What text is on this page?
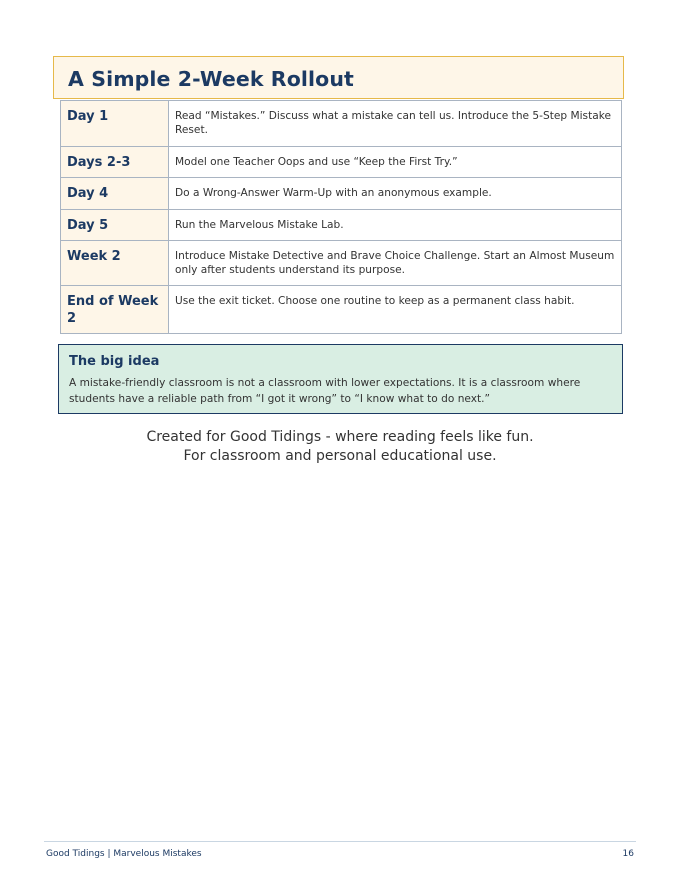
A Simple 2-Week Rollout
Day 1	Read “Mistakes.” Discuss what a mistake can tell us. Introduce the 5-Step Mistake Reset.
Days 2-3	Model one Teacher Oops and use “Keep the First Try.”
Day 4	Do a Wrong-Answer Warm-Up with an anonymous example.
Day 5	Run the Marvelous Mistake Lab.
Week 2	Introduce Mistake Detective and Brave Choice Challenge. Start an Almost Museum only after students understand its purpose.
End of Week 2	Use the exit ticket. Choose one routine to keep as a permanent class habit.
The big idea

A mistake-friendly classroom is not a classroom with lower expectations. It is a classroom where students have a reliable path from “I got it wrong” to “I know what to do next.”

Created for Good Tidings - where reading feels like fun.
For classroom and personal educational use.
Good Tidings | Marvelous Mistakes	16
